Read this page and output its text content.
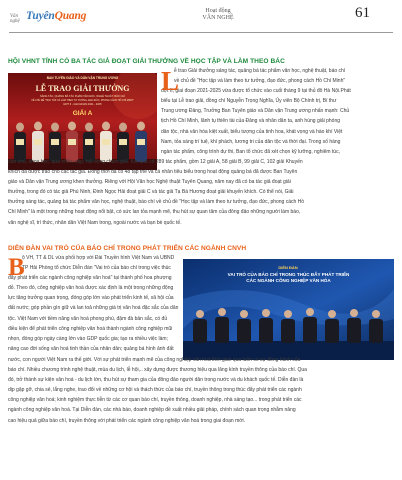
Văn
nghệ TuyênQuang	Hoạt động
VĂN NGHỆ	61
HỘI VHNT TỈNH CÓ BA TÁC GIẢ ĐOẠT GIẢI THƯỞNG VỀ HỌC TẬP VÀ LÀM THEO BÁC
BAN TUYÊN GIÁO VÀ DÂN VẬN TRUNG ƯƠNG
LỄ TRAO GIẢI THƯỞNG
SÁNG TÁC, QUẢNG BÁ TÁC PHẨM VĂN HỌC, NGHỆ THUẬT, BÁO CHÍ
VỀ CHỦ ĐỀ "HỌC TẬP VÀ LÀM THEO TƯ TƯỞNG, ĐẠO ĐỨC, PHONG CÁCH HỒ CHÍ MINH"
ĐỢT II - GIAI ĐOẠN 2021 - 2025
GIẢI A
L
ễ trao Giải thưởng sáng tác, quảng bá tác phẩm văn học, nghệ thuật, báo chí
về chủ đề "Học tập và làm theo tư tưởng, đạo đức, phong cách Hồ Chí Minh"
đợt II, giai đoạn 2021-2025 vừa được tổ chức vào cuối tháng 9 tại thủ đô Hà Nội.Phát
biểu tại Lễ trao giải, đồng chí Nguyễn Trọng Nghĩa, Ủy viên Bộ Chính trị, Bí thư
Trung ương Đảng, Trưởng Ban Tuyên giáo và Dân vận Trung ương nhấn mạnh: Chủ
tịch Hồ Chí Minh, lãnh tụ thiên tài của Đảng và nhân dân ta, anh hùng giải phóng
dân tộc, nhà văn hóa kiệt xuất, biểu tượng của tinh hoa, khát vọng và hào khí Việt
Nam, tỏa sáng trí tuệ, khí phách, lương tri của dân tộc và thời đại. Trong số hàng
ngàn tác phẩm, công trình dự thi, Ban tổ chức đã xét chọn kỹ lưỡng, nghiêm túc,
dân chủ, khoa học, qua nhiều cấp, hội đồng chấm giải. Kết quả có 289 tác phẩm, gồm 12 giải A, 58 giải B, 99 giải C, 102 giải Khuyến
khích đã được trao cho các tác giả. Đồng thời đã có 48 tập thể và cá nhân tiêu biểu trong hoạt động quảng bá đã được Ban Tuyên
giáo và Dân vận Trung ương khen thưởng. Riêng với Hội Văn học Nghệ thuật Tuyên Quang, năm nay đã có ba tác giả đoạt giải
thưởng, trong đó có tác giả Phù Ninh, Đinh Ngọc Hải đoạt giải C và tác giả Tạ Bá Hương đoạt giải khuyến khích. Có thể nói, Giải
thưởng sáng tác, quảng bá tác phẩm văn học, nghệ thuật, báo chí về chủ đề "Học tập và làm theo tư tưởng, đạo đức, phong cách Hồ
Chí Minh" là một trong những hoạt động nổi bật, có sức lan tỏa mạnh mẽ, thu hút sự quan tâm của đông đảo những người làm báo,
văn nghệ sĩ, trí thức, nhân dân Việt Nam trong, ngoài nước và bạn bè quốc tế.
DIỄN ĐÀN VAI TRÒ CỦA BÁO CHÍ TRONG PHÁT TRIỂN CÁC NGÀNH CNVH
B
ộ VH, TT & DL vừa phối hợp với Đài Truyền hình Việt Nam và UBND
TP Hải Phòng tổ chức Diễn đàn "Vai trò của báo chí trong việc thúc
đẩy phát triển các ngành công nghiệp văn hoá" tại thành phố hoa phượng
đỏ. Theo đó, công nghiệp văn hoá được xác định là một trong những động
lực tăng trưởng quan trọng, đóng góp lớn vào phát triển kinh tế, xã hội của
đất nước; góp phần gìn giữ và lan toả những giá trị văn hoá đặc sắc của dân
tộc. Việt Nam với tiềm năng văn hoá phong phú, đậm đà bản sắc, có đủ
điều kiện để phát triển công nghiệp văn hoá thành ngành công nghiệp mũi
nhọn, đóng góp ngày càng lớn vào GDP quốc gia; tạo ra nhiều việc làm;
nâng cao đời sống văn hoá tinh thần của nhân dân; quảng bá hình ảnh đất
DIỄN ĐÀN
VAI TRÒ CỦA BÁO CHÍ TRONG THÚC ĐẨY PHÁT TRIỂN CÁC NGÀNH CÔNG NGHIỆP VĂN HÓA
nước, con người Việt Nam ra thế giới. Với sự phát triển mạnh mẽ của công nghiệp văn hoá thời gian qua luôn có sự đóng hành của
báo chí. Nhiều chương trình nghệ thuật, mùa du lịch, lễ hội,.. xây dựng được thương hiệu qua lăng kính truyền thông của báo chí. Qua
đó, trở thành sự kiện văn hoá - du lịch lớn, thu hút sự tham gia của đông đảo người dân trong nước và du khách quốc tế. Diễn đàn là
dịp gặp gỡ, chia sẻ, lắng nghe, trao đổi về những cơ hội và thách thức của báo chí, truyền thông trong thúc đẩy phát triển các ngành
công nghiệp văn hoá; kinh nghiệm thực tiễn từ các cơ quan báo chí, truyền thông, doanh nghiệp, nhà sáng tạo... trong phát triển các
ngành công nghiệp văn hoá. Tại Diễn đàn, các nhà báo, doanh nghiệp đề xuất nhiều giải pháp, chính sách quan trọng nhằm nâng
cao hiệu quả giữa báo chí, truyền thông với phát triển các ngành công nghiệp văn hoá trong giai đoạn mới.
